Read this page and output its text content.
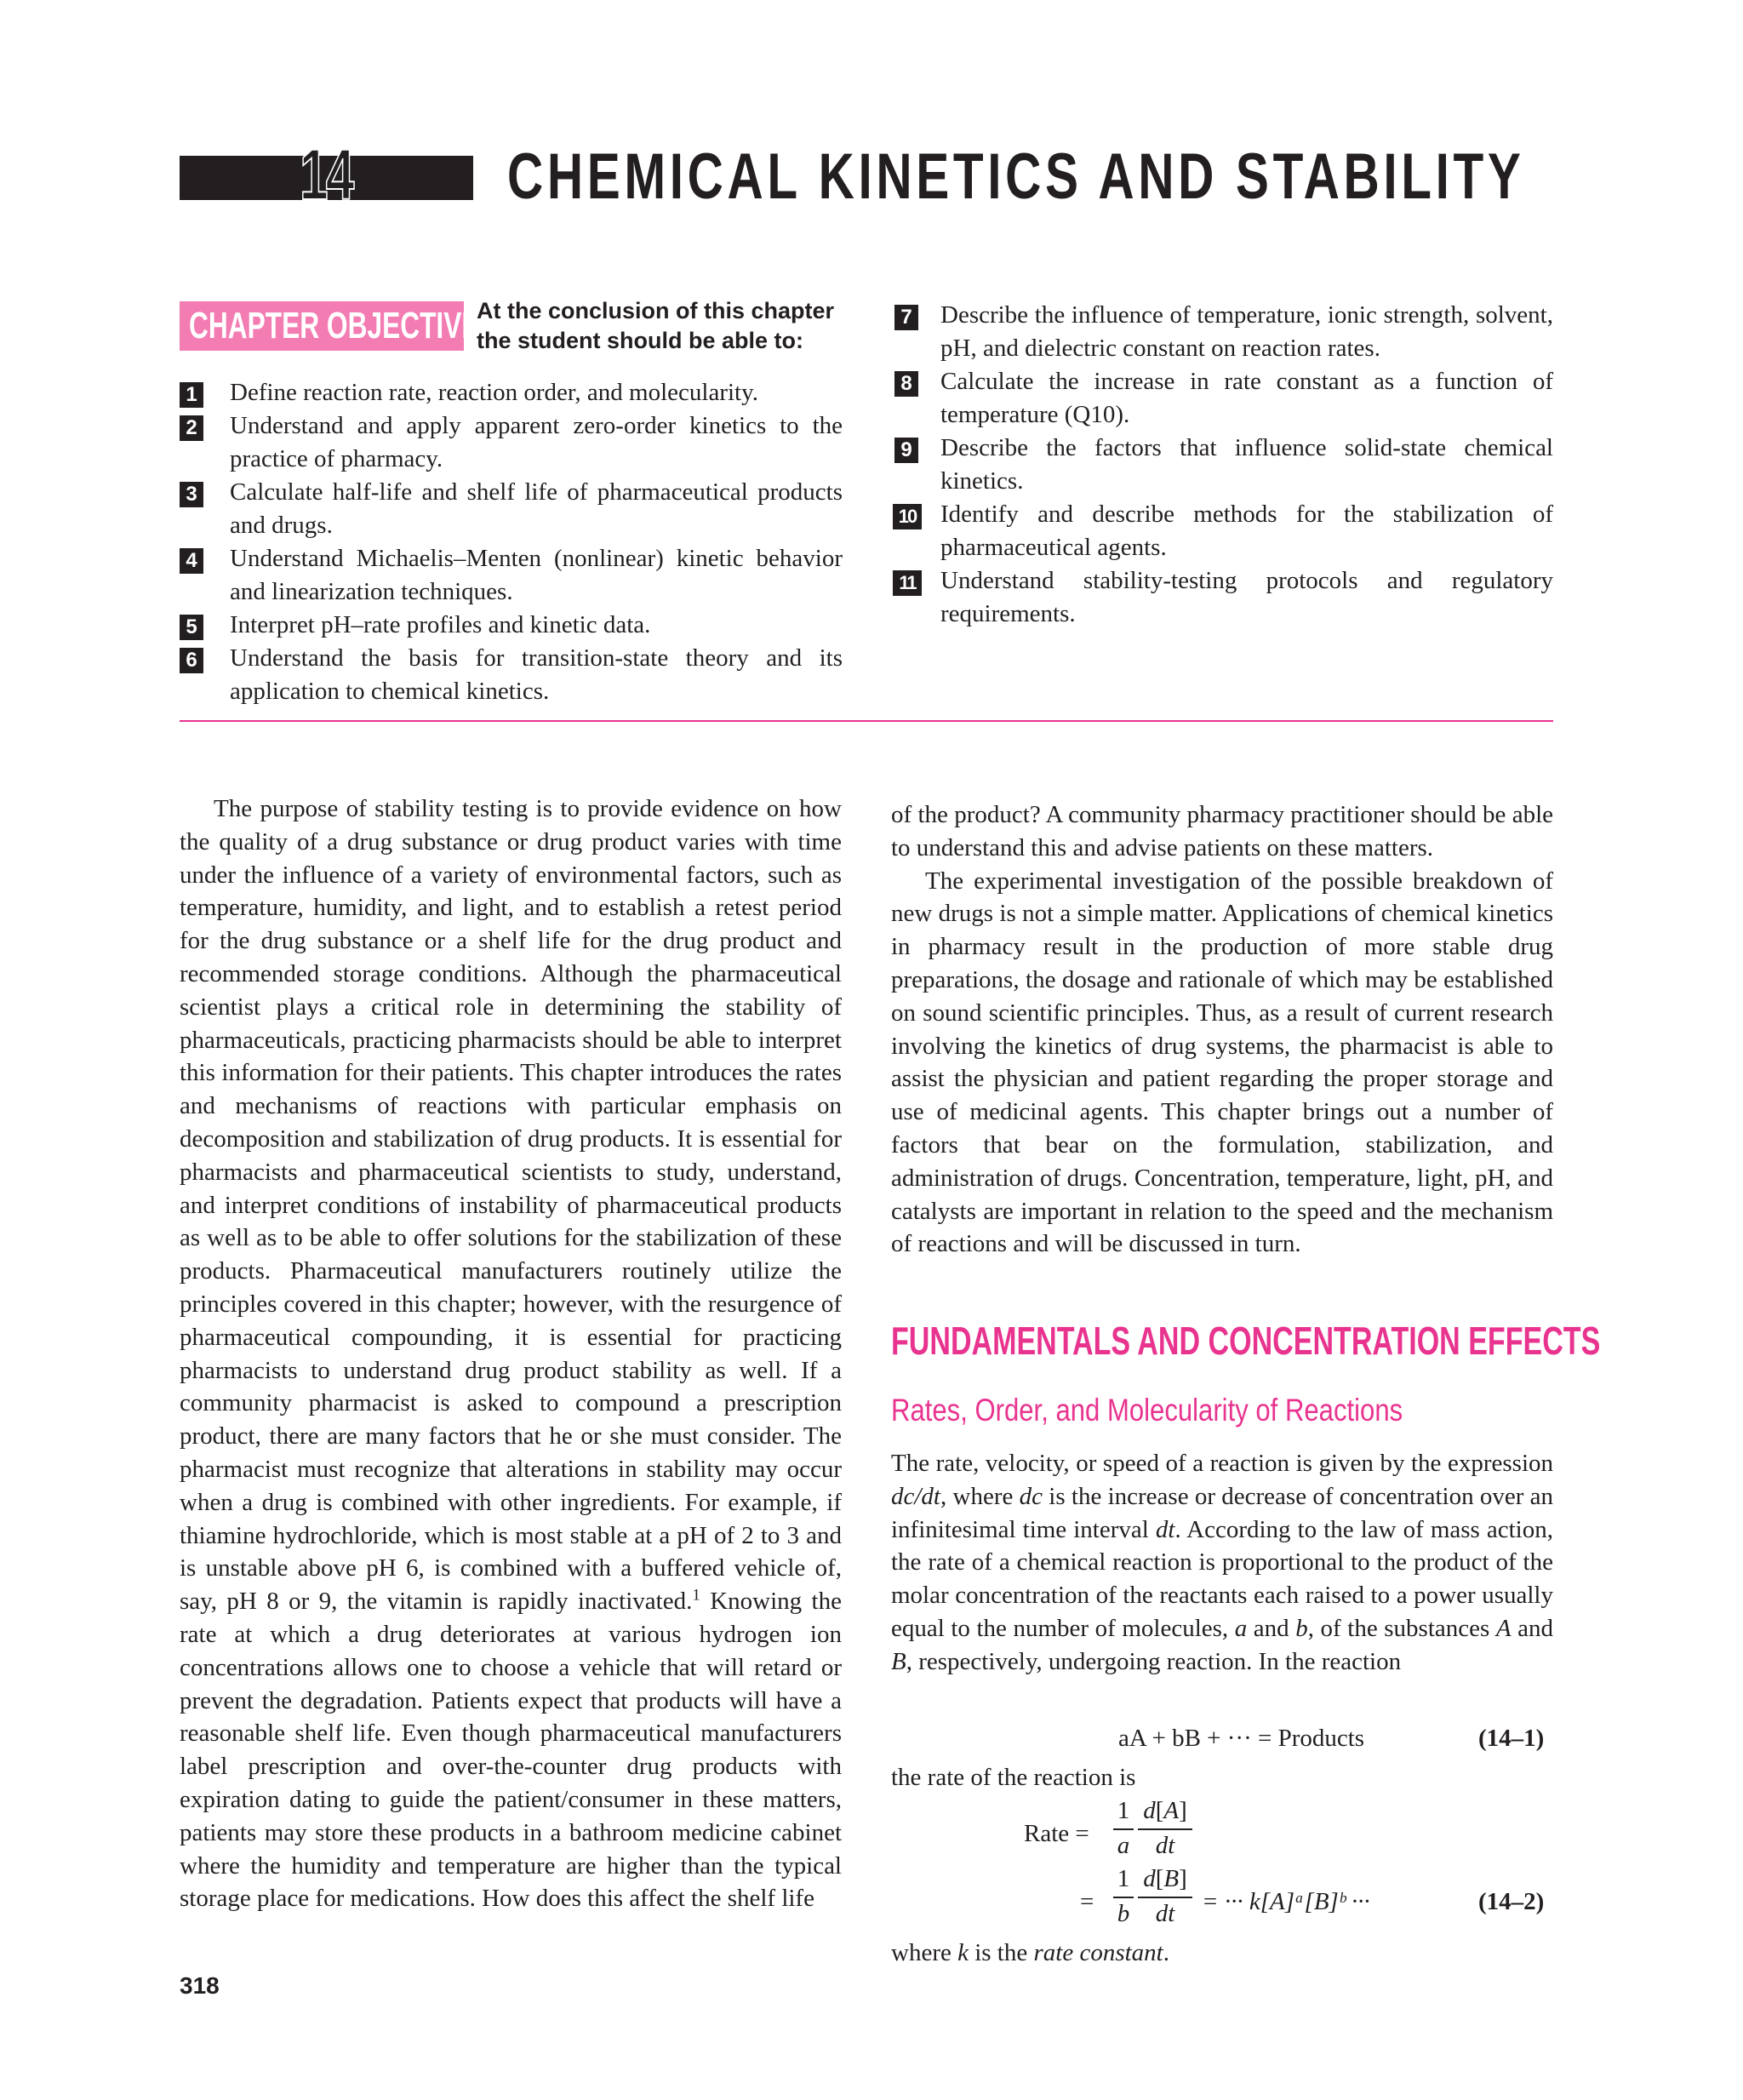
14 CHEMICAL KINETICS AND STABILITY
CHAPTER OBJECTIVES
At the conclusion of this chapter the student should be able to:
1 Define reaction rate, reaction order, and molecularity.
2 Understand and apply apparent zero-order kinetics to the practice of pharmacy.
3 Calculate half-life and shelf life of pharmaceutical products and drugs.
4 Understand Michaelis–Menten (nonlinear) kinetic behavior and linearization techniques.
5 Interpret pH–rate profiles and kinetic data.
6 Understand the basis for transition-state theory and its application to chemical kinetics.
7 Describe the influence of temperature, ionic strength, solvent, pH, and dielectric constant on reaction rates.
8 Calculate the increase in rate constant as a function of temperature (Q10).
9 Describe the factors that influence solid-state chemical kinetics.
10 Identify and describe methods for the stabilization of pharmaceutical agents.
11 Understand stability-testing protocols and regulatory requirements.

The purpose of stability testing is to provide evidence on how the quality of a drug substance or drug product varies with time under the influence of a variety of environmental factors, such as temperature, humidity, and light, and to establish a retest period for the drug substance or a shelf life for the drug product and recommended storage conditions. Although the pharmaceutical scientist plays a critical role in determining the stability of pharmaceuticals, practicing pharmacists should be able to interpret this information for their patients. This chapter introduces the rates and mechanisms of reactions with particular emphasis on decomposition and stabilization of drug products. It is essential for pharmacists and pharmaceutical scientists to study, understand, and interpret conditions of instability of pharmaceutical products as well as to be able to offer solutions for the stabilization of these products. Pharmaceutical manufacturers routinely utilize the principles covered in this chapter; however, with the resurgence of pharmaceutical compounding, it is essential for practicing pharmacists to understand drug product stability as well. If a community pharmacist is asked to compound a prescription product, there are many factors that he or she must consider. The pharmacist must recognize that alterations in stability may occur when a drug is combined with other ingredients. For example, if thiamine hydrochloride, which is most stable at a pH of 2 to 3 and is unstable above pH 6, is combined with a buffered vehicle of, say, pH 8 or 9, the vitamin is rapidly inactivated.$^1$ Knowing the rate at which a drug deteriorates at various hydrogen ion concentrations allows one to choose a vehicle that will retard or prevent the degradation. Patients expect that products will have a reasonable shelf life. Even though pharmaceutical manufacturers label prescription and over-the-counter drug products with expiration dating to guide the patient/consumer in these matters, patients may store these products in a bathroom medicine cabinet where the humidity and temperature are higher than the typical storage place for medications. How does this affect the shelf life

of the product? A community pharmacy practitioner should be able to understand this and advise patients on these matters.

The experimental investigation of the possible breakdown of new drugs is not a simple matter. Applications of chemical kinetics in pharmacy result in the production of more stable drug preparations, the dosage and rationale of which may be established on sound scientific principles. Thus, as a result of current research involving the kinetics of drug systems, the pharmacist is able to assist the physician and patient regarding the proper storage and use of medicinal agents. This chapter brings out a number of factors that bear on the formulation, stabilization, and administration of drugs. Concentration, temperature, light, pH, and catalysts are important in relation to the speed and the mechanism of reactions and will be discussed in turn.

FUNDAMENTALS AND CONCENTRATION EFFECTS
Rates, Order, and Molecularity of Reactions

The rate, velocity, or speed of a reaction is given by the expression dc/dt, where dc is the increase or decrease of concentration over an infinitesimal time interval dt. According to the law of mass action, the rate of a chemical reaction is proportional to the product of the molar concentration of the reactants each raised to a power usually equal to the number of molecules, a and b, of the substances A and B, respectively, undergoing reaction. In the reaction

aA + bB + ··· = Products	(14–1)
the rate of the reaction is
Rate =
1
a
d[A]
dt
=
1
b
d[B]
dt	= ··· k[A]ᵃ[B]ᵇ ···	(14–2)

where k is the rate constant.

318
